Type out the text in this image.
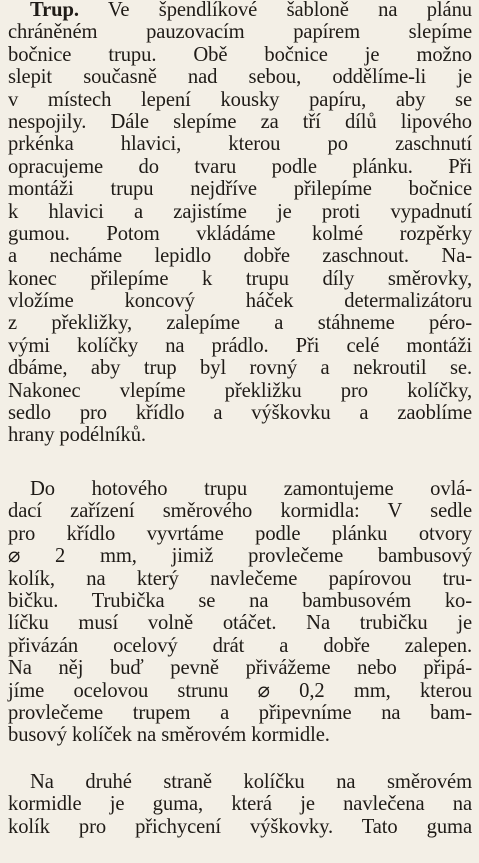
Trup. Ve špendlíkové šabloně na plánu
chráněném pauzovacím papírem slepíme
bočnice trupu. Obě bočnice je možno
slepit současně nad sebou, oddělíme-li je
v místech lepení kousky papíru, aby se
nespojily. Dále slepíme za tří dílů lipového
prkénka hlavici, kterou po zaschnutí
opracujeme do tvaru podle plánku. Při
montáži trupu nejdříve přilepíme bočnice
k hlavici a zajistíme je proti vypadnutí
gumou. Potom vkládáme kolmé rozpěrky
a necháme lepidlo dobře zaschnout. Na-
konec přilepíme k trupu díly směrovky,
vložíme koncový háček determalizátoru
z překližky, zalepíme a stáhneme pérо-
vými kolíčky na prádlo. Při celé montáži
dbáme, aby trup byl rovný a nekroutil se.
Nakonec vlepíme překližku pro kolíčky,
sedlo pro křídlo a výškovku a zaoblíme
hrany podélníků.
Do hotového trupu zamontujeme ovlá-
dací zařízení směrového kormidla: V sedle
pro křídlo vyvrtáme podle plánku otvory
⌀ 2 mm, jimiž provlečeme bambusový
kolík, na který navlečeme papírovou tru-
bičku. Trubička se na bambusovém ko-
líčku musí volně otáčet. Na trubičku je
přivázán ocelový drát a dobře zalepen.
Na něj buď pevně přivážeme nebo připá-
jíme ocelovou strunu ⌀ 0,2 mm, kterou
provlečeme trupem a připevníme na bam-
busový kolíček na směrovém kormidle.
Na druhé straně kolíčku na směrovém
kormidle je guma, která je navlečena na
kolík pro přichycení výškovky. Tato guma
